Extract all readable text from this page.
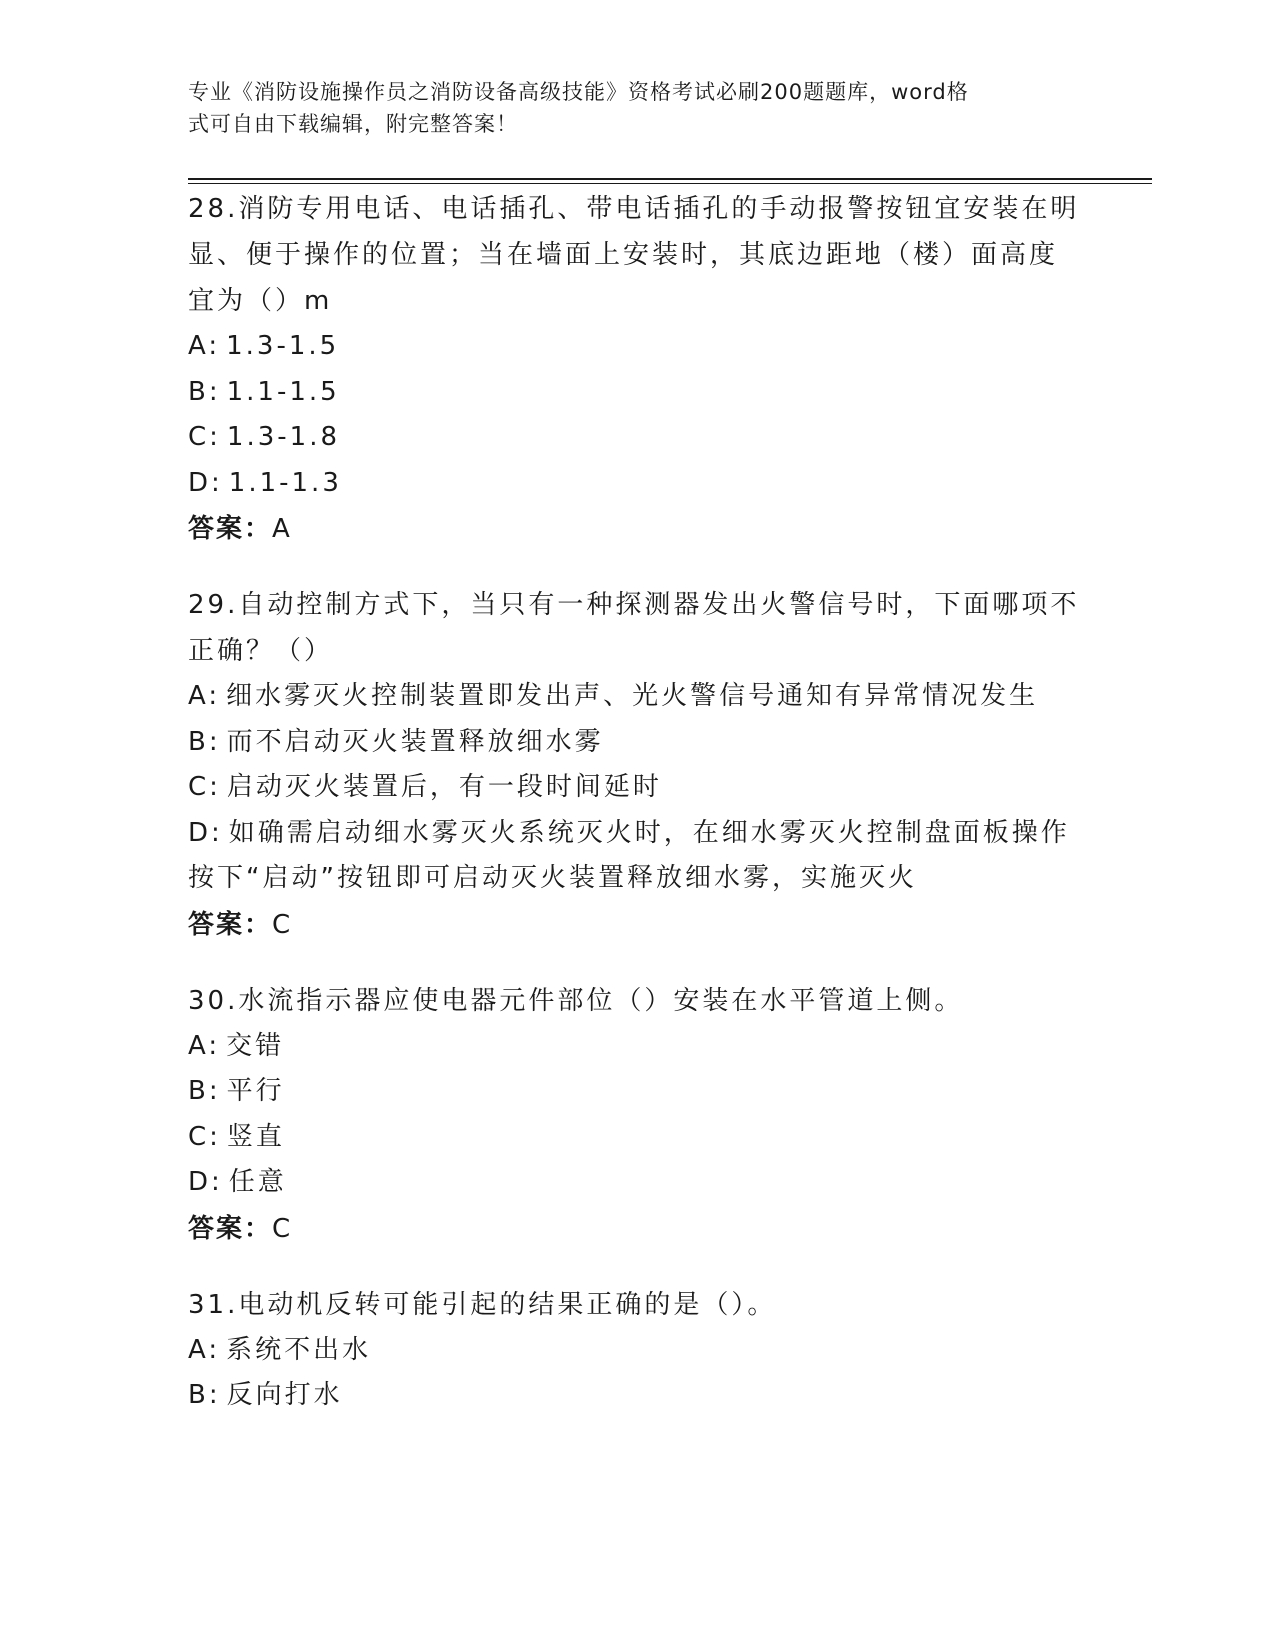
专业《消防设施操作员之消防设备高级技能》资格考试必刷200题题库，word格
式可自由下载编辑，附完整答案！

28.消防专用电话、电话插孔、带电话插孔的手动报警按钮宜安装在明

显、便于操作的位置；当在墙面上安装时，其底边距地（楼）面高度

宜为（）m

A: 1.3-1.5

B: 1.1-1.5

C: 1.3-1.8

D: 1.1-1.3

答案：A

29.自动控制方式下，当只有一种探测器发出火警信号时，下面哪项不

正确？（）

A: 细水雾灭火控制装置即发出声、光火警信号通知有异常情况发生

B: 而不启动灭火装置释放细水雾

C: 启动灭火装置后，有一段时间延时

D: 如确需启动细水雾灭火系统灭火时，在细水雾灭火控制盘面板操作

按下“启动”按钮即可启动灭火装置释放细水雾，实施灭火

答案：C

30.水流指示器应使电器元件部位（）安装在水平管道上侧。

A: 交错

B: 平行

C: 竖直

D: 任意

答案：C

31.电动机反转可能引起的结果正确的是（）。

A: 系统不出水

B: 反向打水
